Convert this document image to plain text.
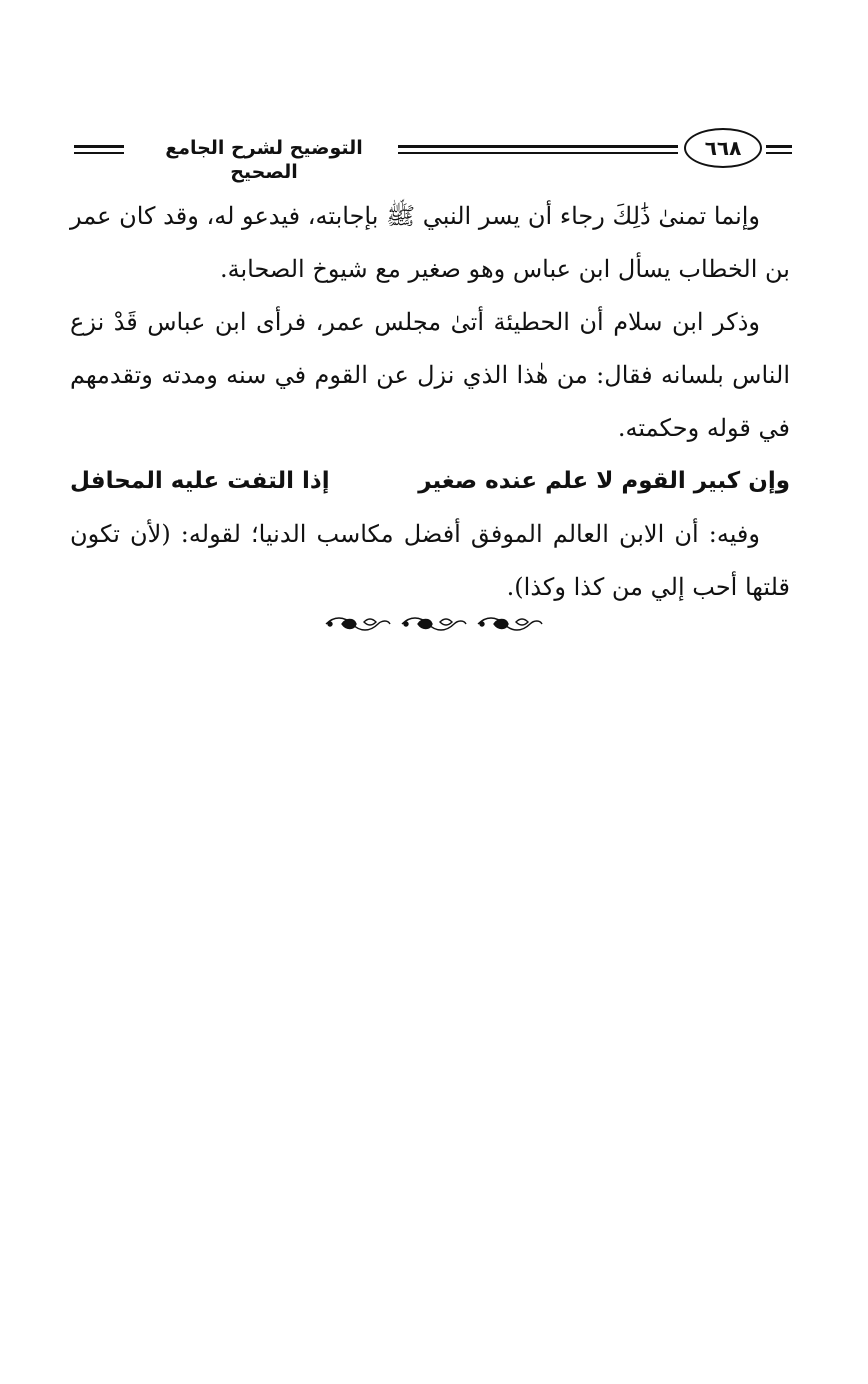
التوضيح لشرح الجامع الصحيح
٦٦٨

وإنما تمنىٰ ذَٰلِكَ رجاء أن يسر النبي ﷺ بإجابته، فيدعو له، وقد كان عمر بن الخطاب يسأل ابن عباس وهو صغير مع شيوخ الصحابة.

وذكر ابن سلام أن الحطيئة أتىٰ مجلس عمر، فرأى ابن عباس قَدْ نزع الناس بلسانه فقال: من هٰذا الذي نزل عن القوم في سنه ومدته وتقدمهم في قوله وحكمته.

وإن كبير القوم لا علم عنده صغير
إذا التفت عليه المحافل

وفيه: أن الابن العالم الموفق أفضل مكاسب الدنيا؛ لقوله: (لأن تكون قلتها أحب إلي من كذا وكذا).
